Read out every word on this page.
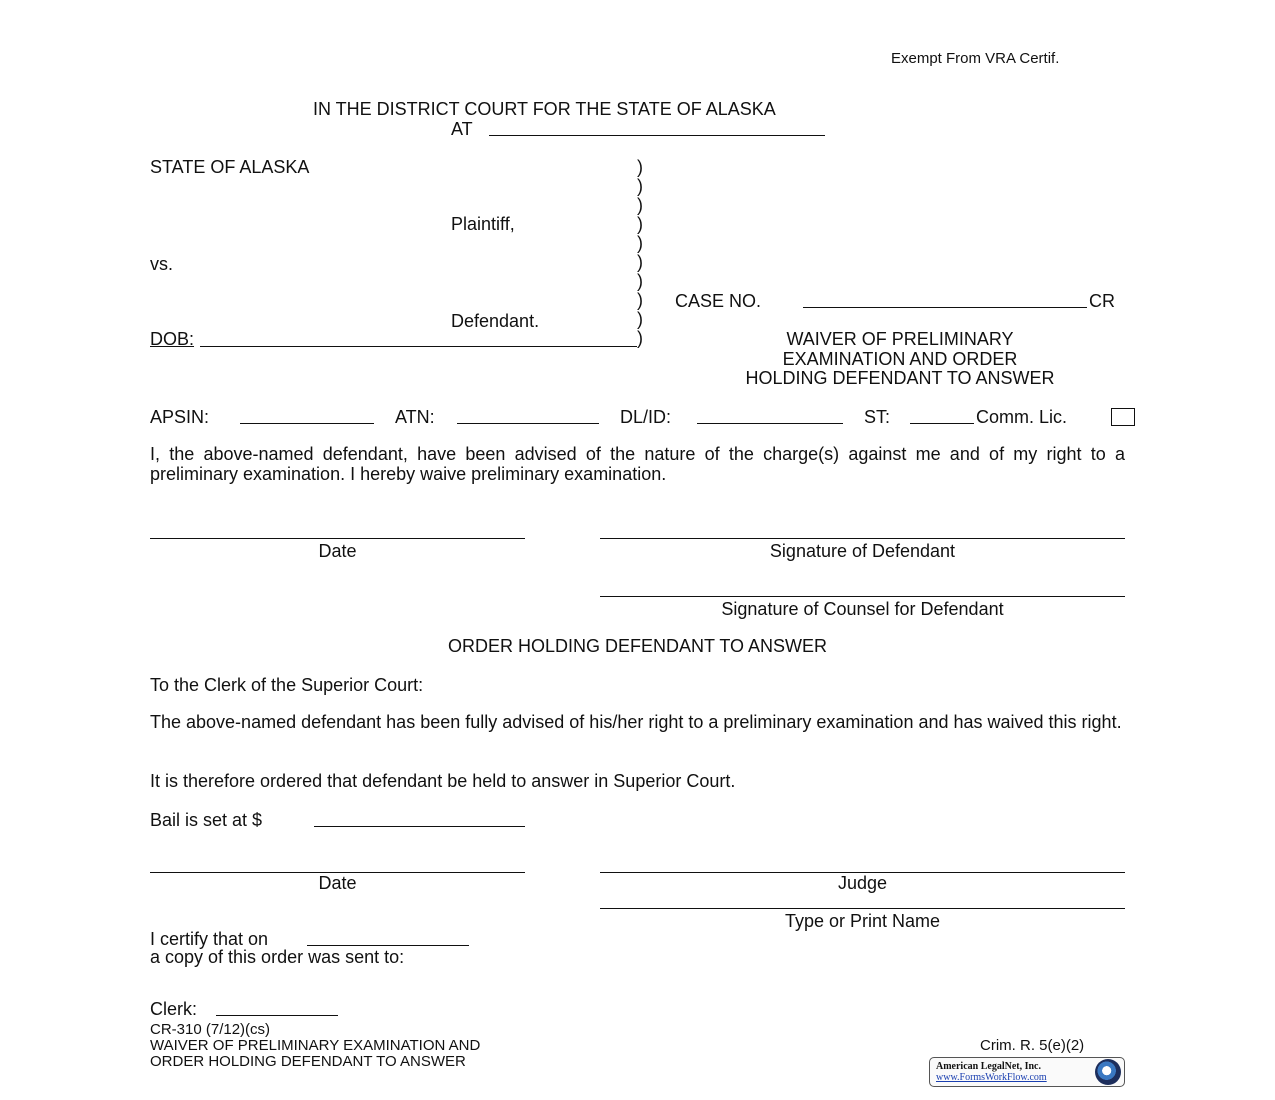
Exempt From VRA Certif.
IN THE DISTRICT COURT FOR THE STATE OF ALASKA
AT
STATE OF ALASKA
Plaintiff,
vs.
Defendant.
DOB:
)
)
)
)
)
)
)
)
)
)
CASE NO.	CR
WAIVER OF PRELIMINARY
EXAMINATION AND ORDER
HOLDING DEFENDANT TO ANSWER
APSIN:	ATN:	DL/ID:	ST:	Comm. Lic.
I, the above-named defendant, have been advised of the nature of the charge(s) against me and of my right to a preliminary examination. I hereby waive preliminary examination.
Date	Signature of Defendant
Signature of Counsel for Defendant
ORDER HOLDING DEFENDANT TO ANSWER
To the Clerk of the Superior Court:
The above-named defendant has been fully advised of his/her right to a preliminary examination and has waived this right.
It is therefore ordered that defendant be held to answer in Superior Court.
Bail is set at $
Date	Judge
Type or Print Name
I certify that on
a copy of this order was sent to:
Clerk:
CR-310 (7/12)(cs)
WAIVER OF PRELIMINARY EXAMINATION AND
ORDER HOLDING DEFENDANT TO ANSWER
Crim. R. 5(e)(2)
American LegalNet, Inc.
www.FormsWorkFlow.com
